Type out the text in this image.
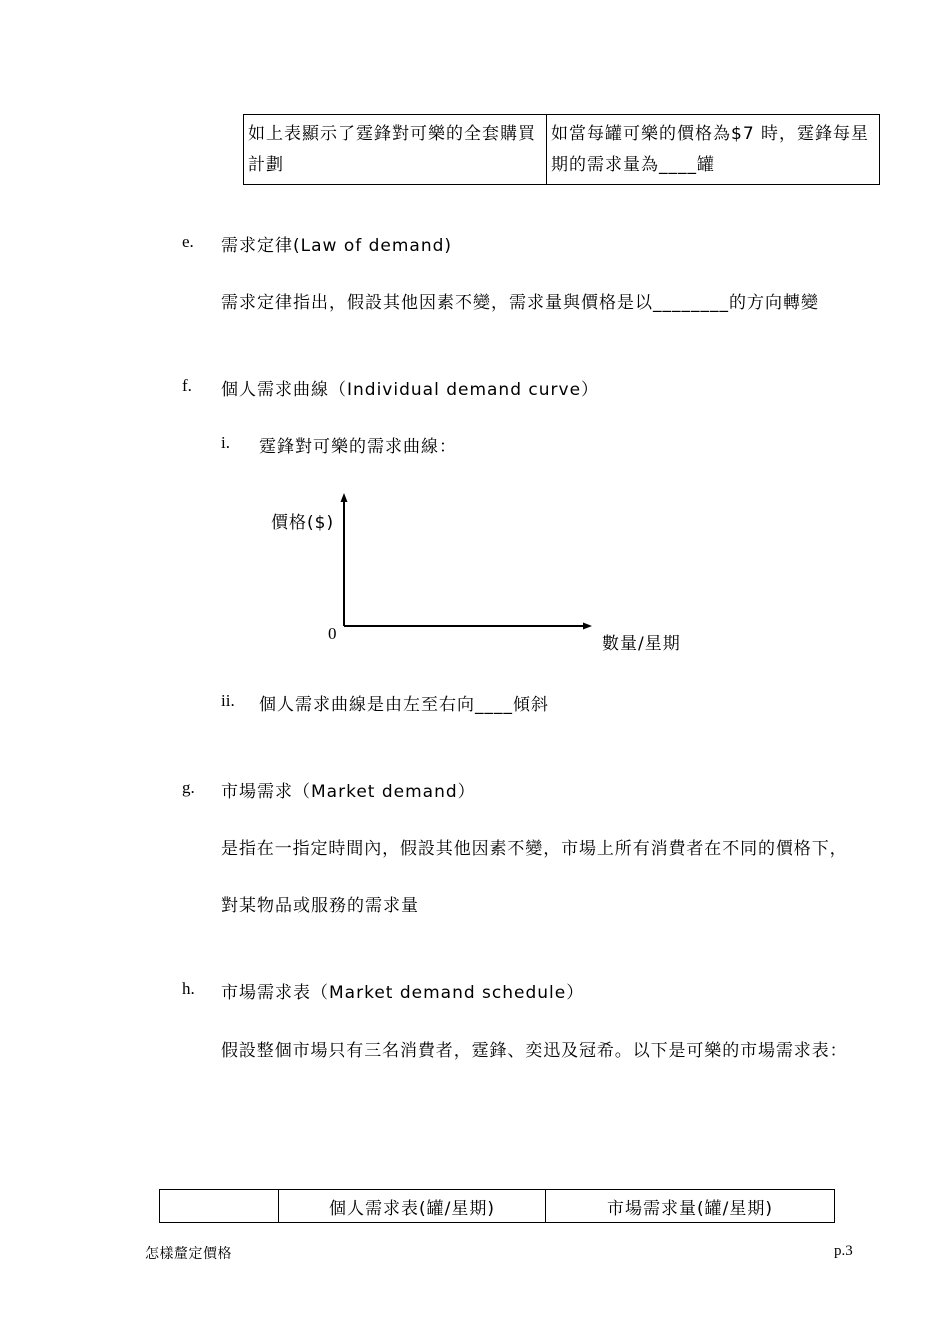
如上表顯示了霆鋒對可樂的全套購買計劃	如當每罐可樂的價格為$7 時，霆鋒每星期的需求量為____罐
e. 需求定律(Law of demand)
需求定律指出，假設其他因素不變，需求量與價格是以________的方向轉變
f. 個人需求曲線（Individual demand curve）
i. 霆鋒對可樂的需求曲線：
價格($)
0
數量/星期
ii. 個人需求曲線是由左至右向____傾斜
g. 市場需求（Market demand）
是指在一指定時間內，假設其他因素不變，市場上所有消費者在不同的價格下，
對某物品或服務的需求量
h. 市場需求表（Market demand schedule）
假設整個市場只有三名消費者，霆鋒、奕迅及冠希。以下是可樂的市場需求表：
	個人需求表(罐/星期)	市場需求量(罐/星期)
怎樣釐定價格	p.3
